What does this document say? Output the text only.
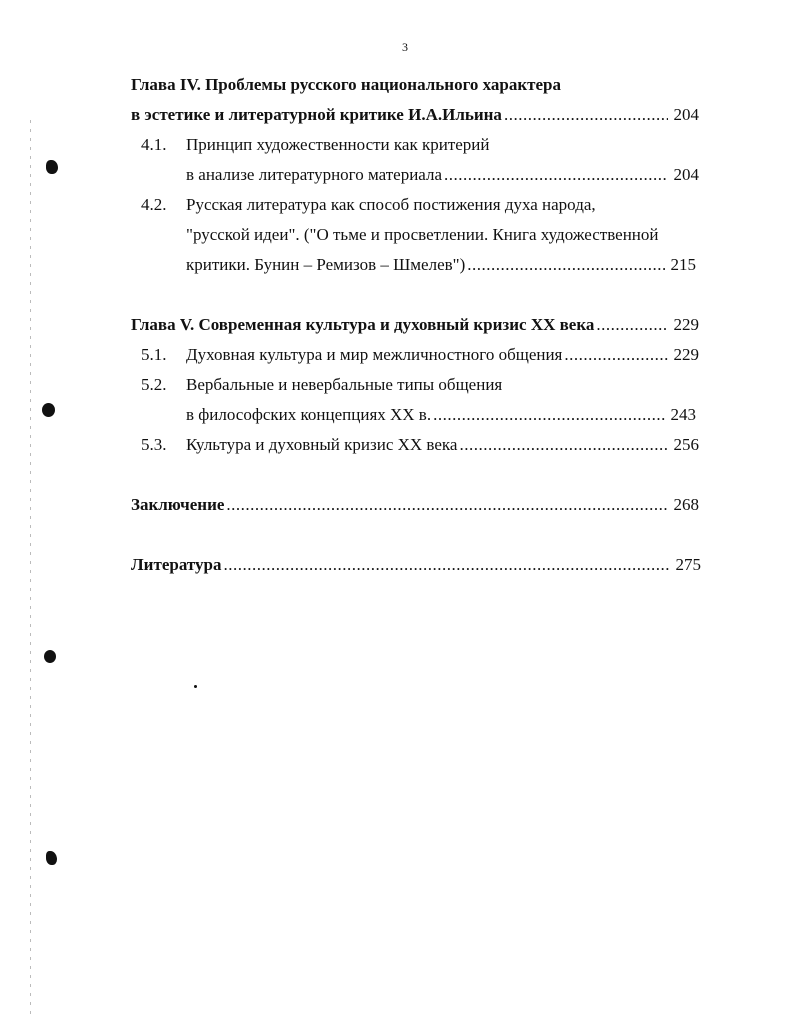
3
Глава IV. Проблемы русского национального характера
в эстетике и литературной критике И.А.Ильина .....	204
4.1. Принцип художественности как критерий
в анализе литературного материала .....	204
4.2. Русская литература как способ постижения духа народа,
"русской идеи". ("О тьме и просветлении. Книга художественной
критики. Бунин – Ремизов – Шмелев") .....	215
Глава V. Современная культура и духовный кризис XX века .....	229
5.1. Духовная культура и мир межличностного общения .....	229
5.2. Вербальные и невербальные типы общения
в философских концепциях XX в. .....	243
5.3. Культура и духовный кризис XX века .....	256
Заключение .....	268
Литература .....	275
